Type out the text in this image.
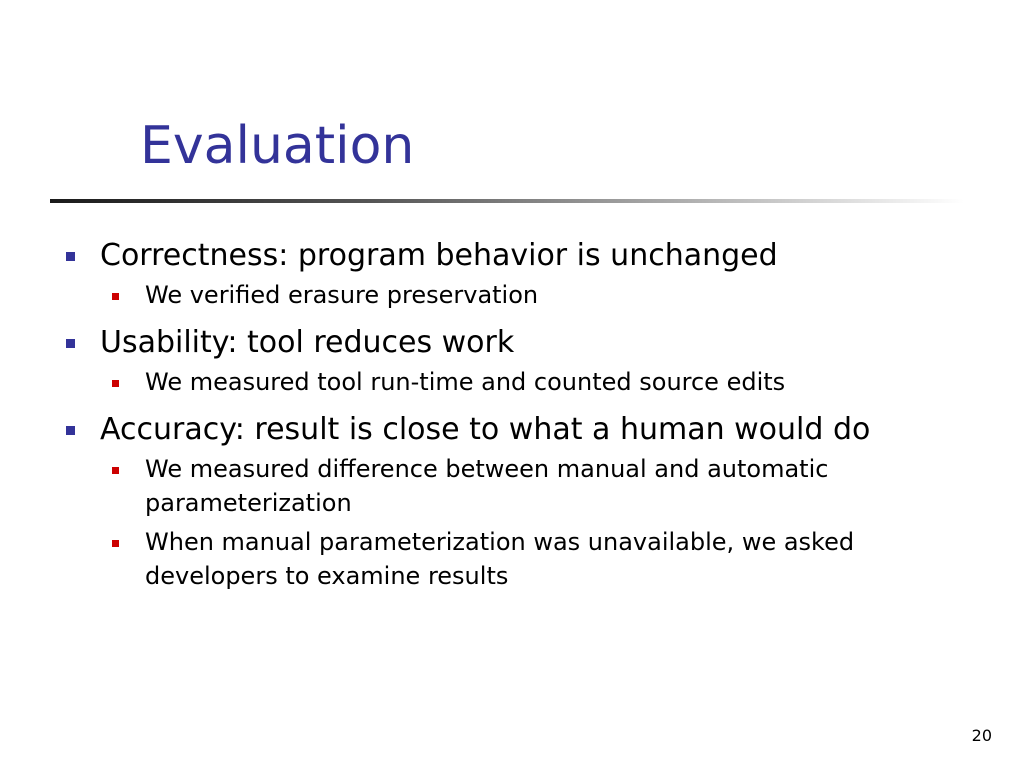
Evaluation
Correctness: program behavior is unchanged
We verified erasure preservation
Usability: tool reduces work
We measured tool run-time and counted source edits
Accuracy: result is close to what a human would do
We measured difference between manual and automatic parameterization
When manual parameterization was unavailable, we asked developers to examine results
20
